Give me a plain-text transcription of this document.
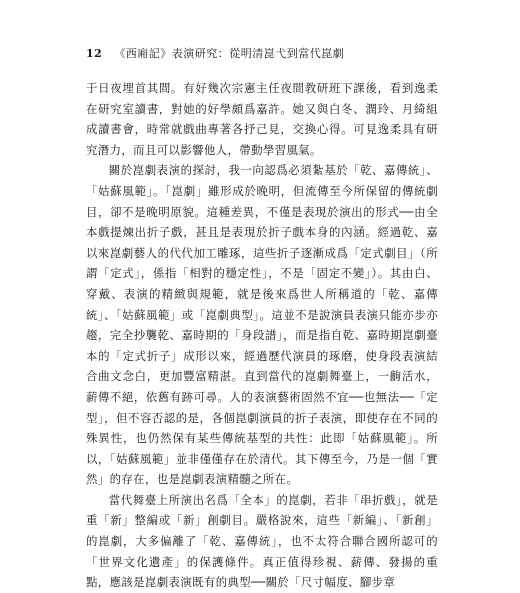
12 《西廂記》表演研究：從明清崑弋到當代崑劇

于日夜埋首其間。有好幾次宗憲主任夜間教研班下課後，看到逸柔在研究室讀書，對她的好學頗爲嘉許。她又與白冬、潤玲、月綺組成讀書會，時常就戲曲專著各抒己見，交換心得。可見逸柔具有研究潛力，而且可以影響他人，帶動學習風氣。

關於崑劇表演的探討，我一向認爲必須紮基於「乾、嘉傳統」、「姑蘇風範」。「崑劇」雖形成於晚明，但流傳至今所保留的傳統劇目，卻不是晚明原貌。這種差異，不僅是表現於演出的形式──由全本戲提煉出折子戲，甚且是表現於折子戲本身的內涵。經過乾、嘉以來崑劇藝人的代代加工雕琢，這些折子逐漸成爲「定式劇目」（所謂「定式」，係指「相對的穩定性」，不是「固定不變」）。其由白、穿戴、表演的精緻與規範，就是後來爲世人所稱道的「乾、嘉傳統」、「姑蘇風範」或「崑劇典型」。這並不是說演員表演只能亦步亦趨，完全抄襲乾、嘉時期的「身段譜」，而是指自乾、嘉時期崑劇臺本的「定式折子」成形以來，經過歷代演員的琢磨，使身段表演結合曲文念白，更加豐富精湛。直到當代的崑劇舞臺上，一齣活水，薪傳不絕，依舊有跡可尋。人的表演藝術固然不宜──也無法──「定型」，但不容否認的是，各個崑劇演員的折子表演，即使存在不同的殊異性，也仍然保有某些傳統基型的共性：此即「姑蘇風範」。所以，「姑蘇風範」並非僅僅存在於清代。其下傳至今，乃是一個「實然」的存在，也是崑劇表演精髓之所在。

當代舞臺上所演出名爲「全本」的崑劇，若非「串折戲」，就是重「新」整編或「新」創劇目。嚴格說來，這些「新編」、「新創」的崑劇，大多偏離了「乾、嘉傳統」，也不太符合聯合國所認可的「世界文化遺產」的保護條件。真正值得珍視、薪傳、發揚的重點，應該是崑劇表演既有的典型──關於「尺寸幅度、腳步章
